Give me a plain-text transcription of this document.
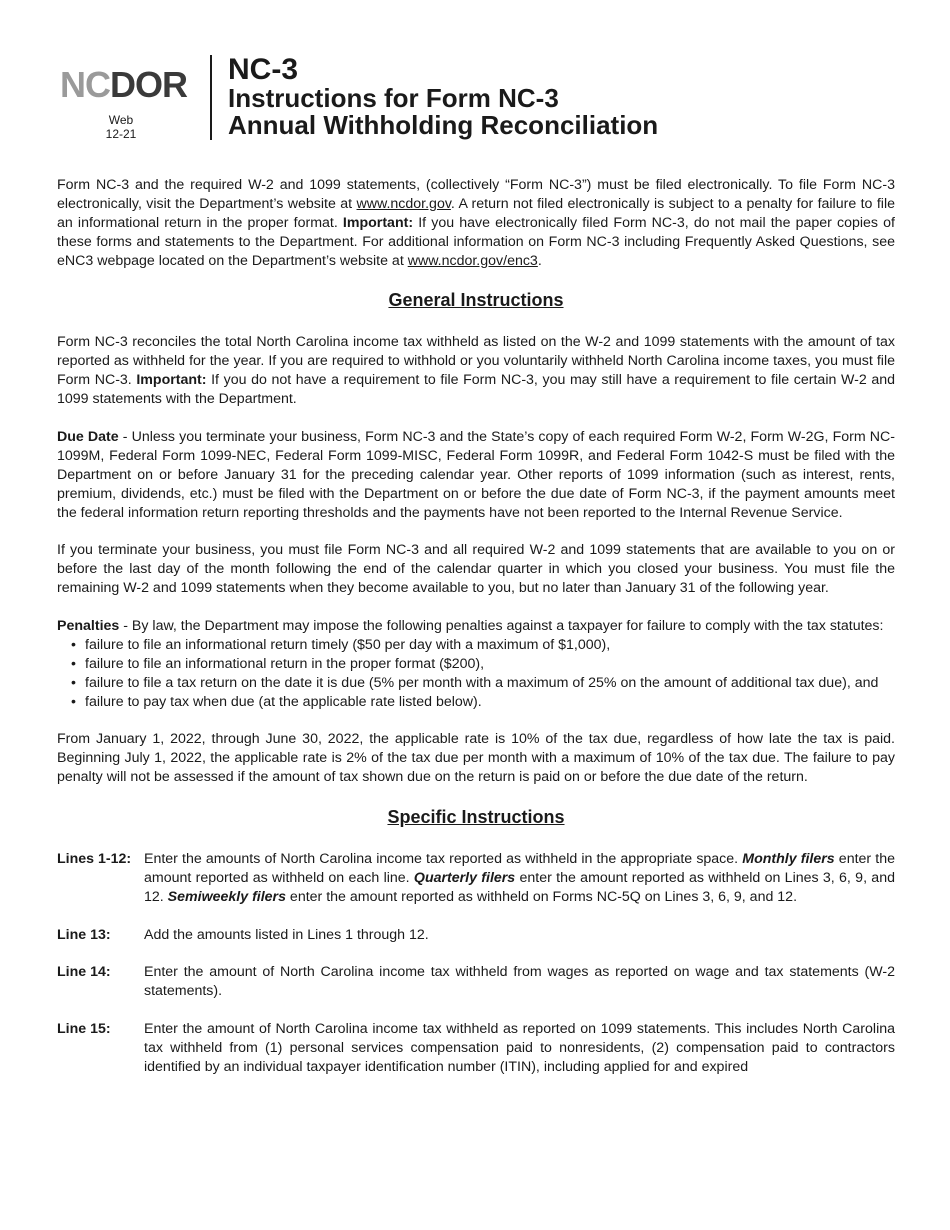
NCDOR
Web
12-21
NC-3
Instructions for Form NC-3
Annual Withholding Reconciliation

Form NC-3 and the required W-2 and 1099 statements, (collectively “Form NC-3”) must be filed electronically. To file Form NC-3 electronically, visit the Department’s website at www.ncdor.gov. A return not filed electronically is subject to a penalty for failure to file an informational return in the proper format. Important: If you have electronically filed Form NC-3, do not mail the paper copies of these forms and statements to the Department. For additional information on Form NC-3 including Frequently Asked Questions, see eNC3 webpage located on the Department’s website at www.ncdor.gov/enc3.

General Instructions

Form NC-3 reconciles the total North Carolina income tax withheld as listed on the W-2 and 1099 statements with the amount of tax reported as withheld for the year. If you are required to withhold or you voluntarily withheld North Carolina income taxes, you must file Form NC-3. Important: If you do not have a requirement to file Form NC-3, you may still have a requirement to file certain W-2 and 1099 statements with the Department.

Due Date - Unless you terminate your business, Form NC-3 and the State’s copy of each required Form W-2, Form W-2G, Form NC-1099M, Federal Form 1099-NEC, Federal Form 1099-MISC, Federal Form 1099R, and Federal Form 1042-S must be filed with the Department on or before January 31 for the preceding calendar year. Other reports of 1099 information (such as interest, rents, premium, dividends, etc.) must be filed with the Department on or before the due date of Form NC-3, if the payment amounts meet the federal information return reporting thresholds and the payments have not been reported to the Internal Revenue Service.

If you terminate your business, you must file Form NC-3 and all required W-2 and 1099 statements that are available to you on or before the last day of the month following the end of the calendar quarter in which you closed your business. You must file the remaining W-2 and 1099 statements when they become available to you, but no later than January 31 of the following year.

Penalties - By law, the Department may impose the following penalties against a taxpayer for failure to comply with the tax statutes:
• failure to file an informational return timely ($50 per day with a maximum of $1,000),
• failure to file an informational return in the proper format ($200),
• failure to file a tax return on the date it is due (5% per month with a maximum of 25% on the amount of additional tax due), and
• failure to pay tax when due (at the applicable rate listed below).

From January 1, 2022, through June 30, 2022, the applicable rate is 10% of the tax due, regardless of how late the tax is paid. Beginning July 1, 2022, the applicable rate is 2% of the tax due per month with a maximum of 10% of the tax due. The failure to pay penalty will not be assessed if the amount of tax shown due on the return is paid on or before the due date of the return.

Specific Instructions
Lines 1-12: Enter the amounts of North Carolina income tax reported as withheld in the appropriate space. Monthly filers enter the amount reported as withheld on each line. Quarterly filers enter the amount reported as withheld on Lines 3, 6, 9, and 12. Semiweekly filers enter the amount reported as withheld on Forms NC-5Q on Lines 3, 6, 9, and 12.
Line 13:	Add the amounts listed in Lines 1 through 12.
Line 14:	Enter the amount of North Carolina income tax withheld from wages as reported on wage and tax statements (W-2 statements).
Line 15:	Enter the amount of North Carolina income tax withheld as reported on 1099 statements. This includes North Carolina tax withheld from (1) personal services compensation paid to nonresidents, (2) compensation paid to contractors identified by an individual taxpayer identification number (ITIN), including applied for and expired
